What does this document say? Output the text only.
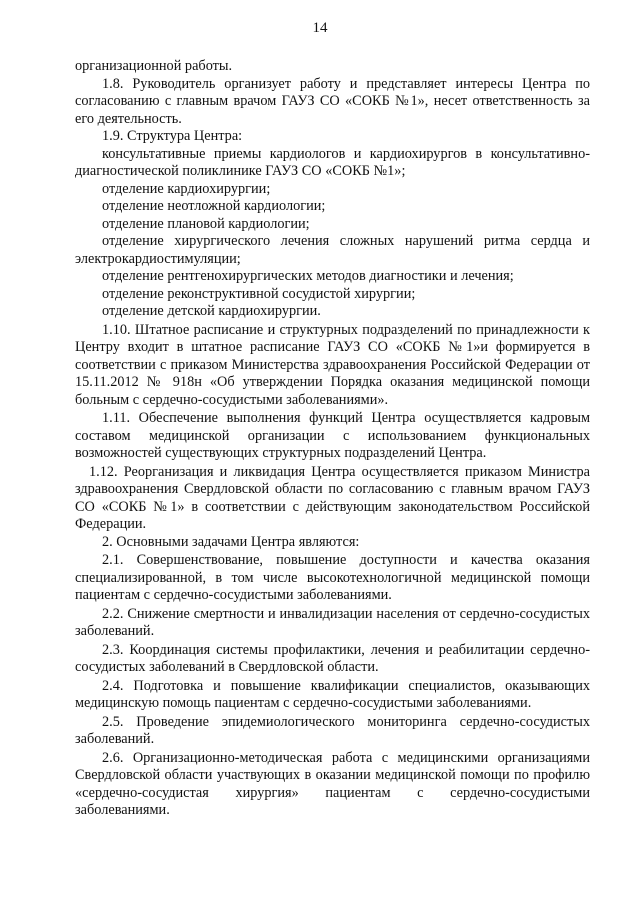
14

организационной работы.

1.8. Руководитель организует работу и представляет интересы Центра по согласованию с главным врачом ГАУЗ СО «СОКБ №1», несет ответственность за его деятельность.

1.9. Структура Центра:

консультативные приемы кардиологов и кардиохирургов в консультативно-диагностической поликлинике ГАУЗ СО «СОКБ №1»;

отделение кардиохирургии;

отделение неотложной кардиологии;

отделение плановой кардиологии;

отделение хирургического лечения сложных нарушений ритма сердца и электрокардиостимуляции;

отделение рентгенохирургических методов диагностики и лечения;

отделение реконструктивной сосудистой хирургии;

отделение детской кардиохирургии.

1.10. Штатное расписание и структурных подразделений по принадлежности к Центру входит в штатное расписание ГАУЗ СО «СОКБ №1»и формируется в соответствии с приказом Министерства здравоохранения Российской Федерации от 15.11.2012 № 918н «Об утверждении Порядка оказания медицинской помощи больным с сердечно-сосудистыми заболеваниями».

1.11. Обеспечение выполнения функций Центра осуществляется кадровым составом медицинской организации с использованием функциональных возможностей существующих структурных подразделений Центра.

1.12. Реорганизация и ликвидация Центра осуществляется приказом Министра здравоохранения Свердловской области по согласованию с главным врачом ГАУЗ СО «СОКБ №1» в соответствии с действующим законодательством Российской Федерации.

2. Основными задачами Центра являются:

2.1. Совершенствование, повышение доступности и качества оказания специализированной, в том числе высокотехнологичной медицинской помощи пациентам с сердечно-сосудистыми заболеваниями.

2.2. Снижение смертности и инвалидизации населения от сердечно-сосудистых заболеваний.

2.3. Координация системы профилактики, лечения и реабилитации сердечно-сосудистых заболеваний в Свердловской области.

2.4. Подготовка и повышение квалификации специалистов, оказывающих медицинскую помощь пациентам с сердечно-сосудистыми заболеваниями.

2.5. Проведение эпидемиологического мониторинга сердечно-сосудистых заболеваний.

2.6. Организационно-методическая работа с медицинскими организациями Свердловской области участвующих в оказании медицинской помощи по профилю «сердечно-сосудистая хирургия» пациентам с сердечно-сосудистыми заболеваниями.
